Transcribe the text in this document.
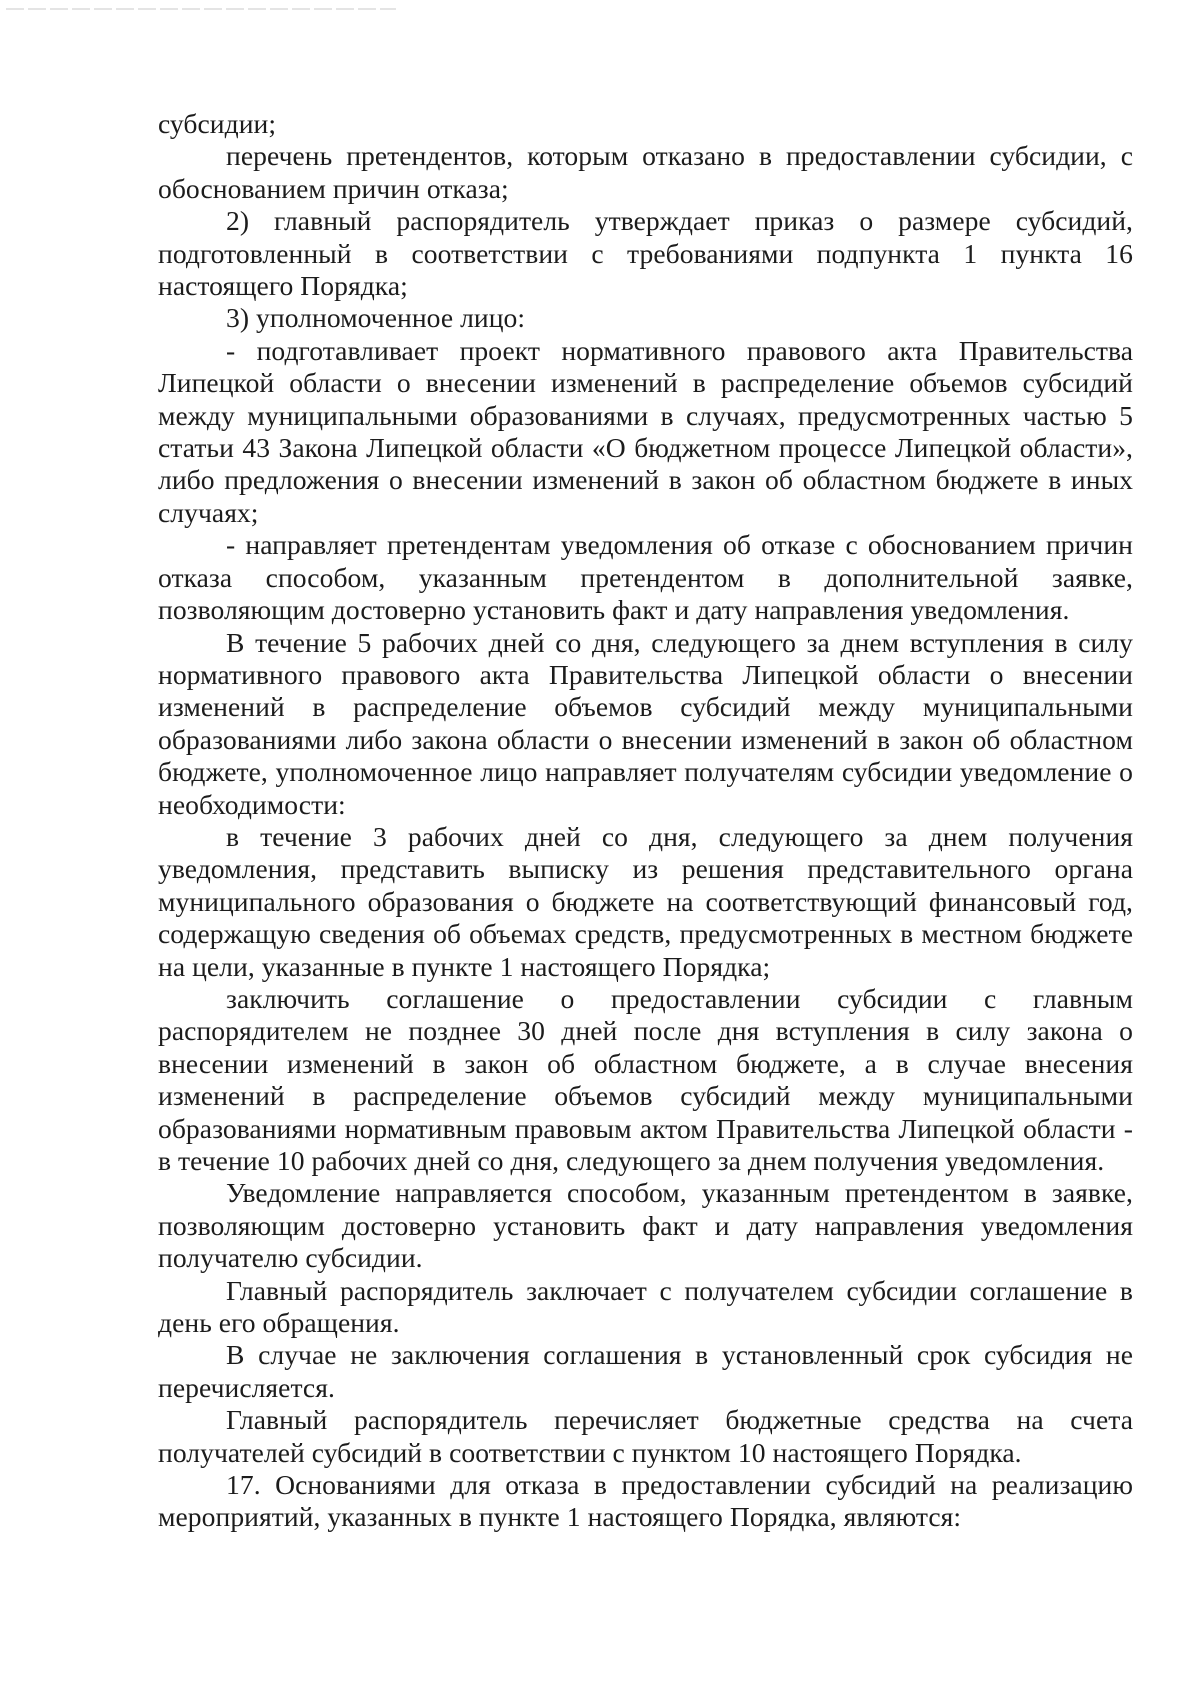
субсидии;

перечень претендентов, которым отказано в предоставлении субсидии, с обоснованием причин отказа;

2) главный распорядитель утверждает приказ о размере субсидий, подготовленный в соответствии с требованиями подпункта 1 пункта 16 настоящего Порядка;

3) уполномоченное лицо:

- подготавливает проект нормативного правового акта Правительства Липецкой области о внесении изменений в распределение объемов субсидий между муниципальными образованиями в случаях, предусмотренных частью 5 статьи 43 Закона Липецкой области «О бюджетном процессе Липецкой области», либо предложения о внесении изменений в закон об областном бюджете в иных случаях;

- направляет претендентам уведомления об отказе с обоснованием причин отказа способом, указанным претендентом в дополнительной заявке, позволяющим достоверно установить факт и дату направления уведомления.

В течение 5 рабочих дней со дня, следующего за днем вступления в силу нормативного правового акта Правительства Липецкой области о внесении изменений в распределение объемов субсидий между муниципальными образованиями либо закона области о внесении изменений в закон об областном бюджете, уполномоченное лицо направляет получателям субсидии уведомление о необходимости:

в течение 3 рабочих дней со дня, следующего за днем получения уведомления, представить выписку из решения представительного органа муниципального образования о бюджете на соответствующий финансовый год, содержащую сведения об объемах средств, предусмотренных в местном бюджете на цели, указанные в пункте 1 настоящего Порядка;

заключить соглашение о предоставлении субсидии с главным распорядителем не позднее 30 дней после дня вступления в силу закона о внесении изменений в закон об областном бюджете, а в случае внесения изменений в распределение объемов субсидий между муниципальными образованиями нормативным правовым актом Правительства Липецкой области - в течение 10 рабочих дней со дня, следующего за днем получения уведомления.

Уведомление направляется способом, указанным претендентом в заявке, позволяющим достоверно установить факт и дату направления уведомления получателю субсидии.

Главный распорядитель заключает с получателем субсидии соглашение в день его обращения.

В случае не заключения соглашения в установленный срок субсидия не перечисляется.

Главный распорядитель перечисляет бюджетные средства на счета получателей субсидий в соответствии с пунктом 10 настоящего Порядка.

17. Основаниями для отказа в предоставлении субсидий на реализацию мероприятий, указанных в пункте 1 настоящего Порядка, являются:
